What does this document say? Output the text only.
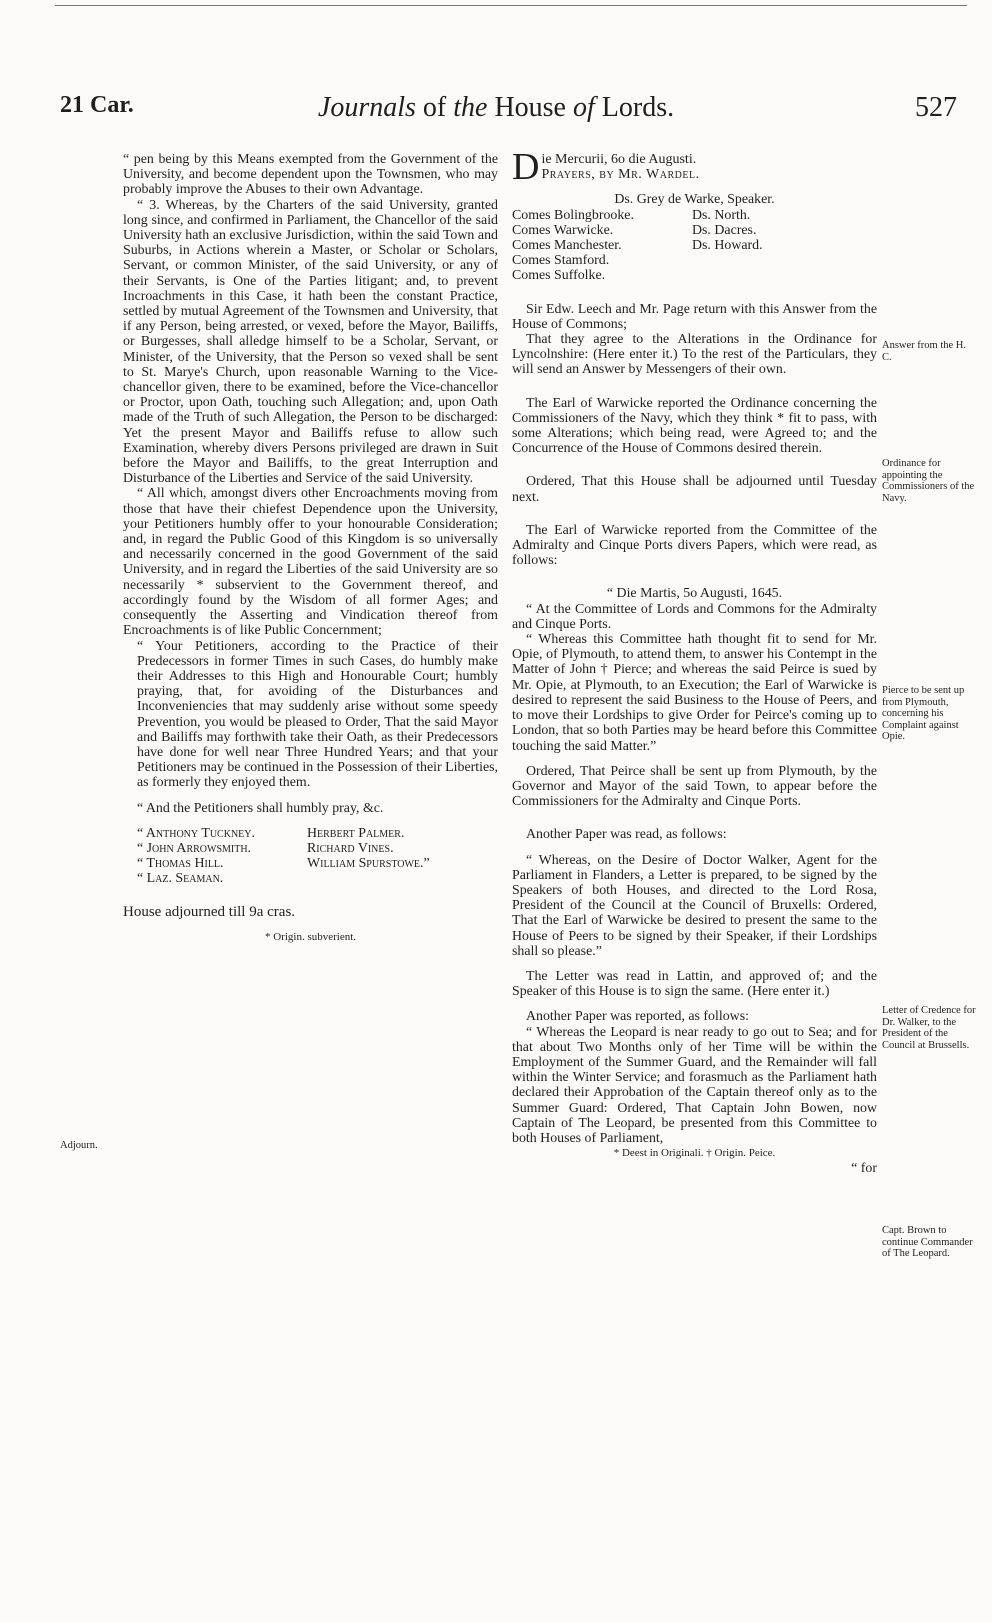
21 Car.	Journals of the House of Lords.	527

“ pen being by this Means exempted from the Government of the University, and become dependent upon the Townsmen, who may probably improve the Abuses to their own Advantage.

“ 3. Whereas, by the Charters of the said University, granted long since, and confirmed in Parliament, the Chancellor of the said University hath an exclusive Jurisdiction, within the said Town and Suburbs, in Actions wherein a Master, or Scholar or Scholars, Servant, or common Minister, of the said University, or any of their Servants, is One of the Parties litigant; and, to prevent Incroachments in this Case, it hath been the constant Practice, settled by mutual Agreement of the Townsmen and University, that if any Person, being arrested, or vexed, before the Mayor, Bailiffs, or Burgesses, shall alledge himself to be a Scholar, Servant, or Minister, of the University, that the Person so vexed shall be sent to St. Marye's Church, upon reasonable Warning to the Vice-chancellor given, there to be examined, before the Vice-chancellor or Proctor, upon Oath, touching such Allegation; and, upon Oath made of the Truth of such Allegation, the Person to be discharged: Yet the present Mayor and Bailiffs refuse to allow such Examination, whereby divers Persons privileged are drawn in Suit before the Mayor and Bailiffs, to the great Interruption and Disturbance of the Liberties and Service of the said University.

“ All which, amongst divers other Encroachments moving from those that have their chiefest Dependence upon the University, your Petitioners humbly offer to your honourable Consideration; and, in regard the Public Good of this Kingdom is so universally and necessarily concerned in the good Government of the said University, and in regard the Liberties of the said University are so necessarily * subservient to the Government thereof, and accordingly found by the Wisdom of all former Ages; and consequently the Asserting and Vindication thereof from Encroachments is of like Public Concernment;

“ Your Petitioners, according to the Practice of their Predecessors in former Times in such Cases, do humbly make their Addresses to this High and Honourable Court; humbly praying, that, for avoiding of the Disturbances and Inconveniencies that may suddenly arise without some speedy Prevention, you would be pleased to Order, That the said Mayor and Bailiffs may forthwith take their Oath, as their Predecessors have done for well near Three Hundred Years; and that your Petitioners may be continued in the Possession of their Liberties, as formerly they enjoyed them.

“ And the Petitioners shall humbly pray, &c.

“ Anthony Tuckney.	Herbert Palmer.
“ John Arrowsmith.	Richard Vines.
“ Thomas Hill.	William Spurstowe.”
“ Laz. Seaman.

House adjourned till 9a cras.

* Origin. subverient.

Adjourn.
D ie Mercurii, 6o die Augusti.
Prayers, by Mr. Wardel.

Ds. Grey de Warke, Speaker.

Comes Bolingbrooke.	Ds. North.
Comes Warwicke.	Ds. Dacres.
Comes Manchester.	Ds. Howard.
Comes Stamford.
Comes Suffolke.

Sir Edw. Leech and Mr. Page return with this Answer from the House of Commons;

That they agree to the Alterations in the Ordinance for Lyncolnshire: (Here enter it.) To the rest of the Particulars, they will send an Answer by Messengers of their own.

The Earl of Warwicke reported the Ordinance concerning the Commissioners of the Navy, which they think * fit to pass, with some Alterations; which being read, were Agreed to; and the Concurrence of the House of Commons desired therein.

Ordered, That this House shall be adjourned until Tuesday next.

The Earl of Warwicke reported from the Committee of the Admiralty and Cinque Ports divers Papers, which were read, as follows:

“ Die Martis, 5o Augusti, 1645.

“ At the Committee of Lords and Commons for the Admiralty and Cinque Ports.

“ Whereas this Committee hath thought fit to send for Mr. Opie, of Plymouth, to attend them, to answer his Contempt in the Matter of John † Pierce; and whereas the said Peirce is sued by Mr. Opie, at Plymouth, to an Execution; the Earl of Warwicke is desired to represent the said Business to the House of Peers, and to move their Lordships to give Order for Peirce's coming up to London, that so both Parties may be heard before this Committee touching the said Matter.”

Ordered, That Peirce shall be sent up from Plymouth, by the Governor and Mayor of the said Town, to appear before the Commissioners for the Admiralty and Cinque Ports.

Another Paper was read, as follows:

“ Whereas, on the Desire of Doctor Walker, Agent for the Parliament in Flanders, a Letter is prepared, to be signed by the Speakers of both Houses, and directed to the Lord Rosa, President of the Council at the Council of Bruxells: Ordered, That the Earl of Warwicke be desired to present the same to the House of Peers to be signed by their Speaker, if their Lordships shall so please.”

The Letter was read in Lattin, and approved of; and the Speaker of this House is to sign the same. (Here enter it.)

Another Paper was reported, as follows:

“ Whereas the Leopard is near ready to go out to Sea; and for that about Two Months only of her Time will be within the Employment of the Summer Guard, and the Remainder will fall within the Winter Service; and forasmuch as the Parliament hath declared their Approbation of the Captain thereof only as to the Summer Guard: Ordered, That Captain John Bowen, now Captain of The Leopard, be presented from this Committee to both Houses of Parliament,

* Deest in Originali. † Origin. Peice.

“ for

Answer from the H. C.
Ordinance for appointing the Commissioners of the Navy.
Pierce to be sent up from Plymouth, concerning his Complaint against Opie.
Letter of Credence for Dr. Walker, to the President of the Council at Brussells.
Capt. Brown to continue Commander of The Leopard.
